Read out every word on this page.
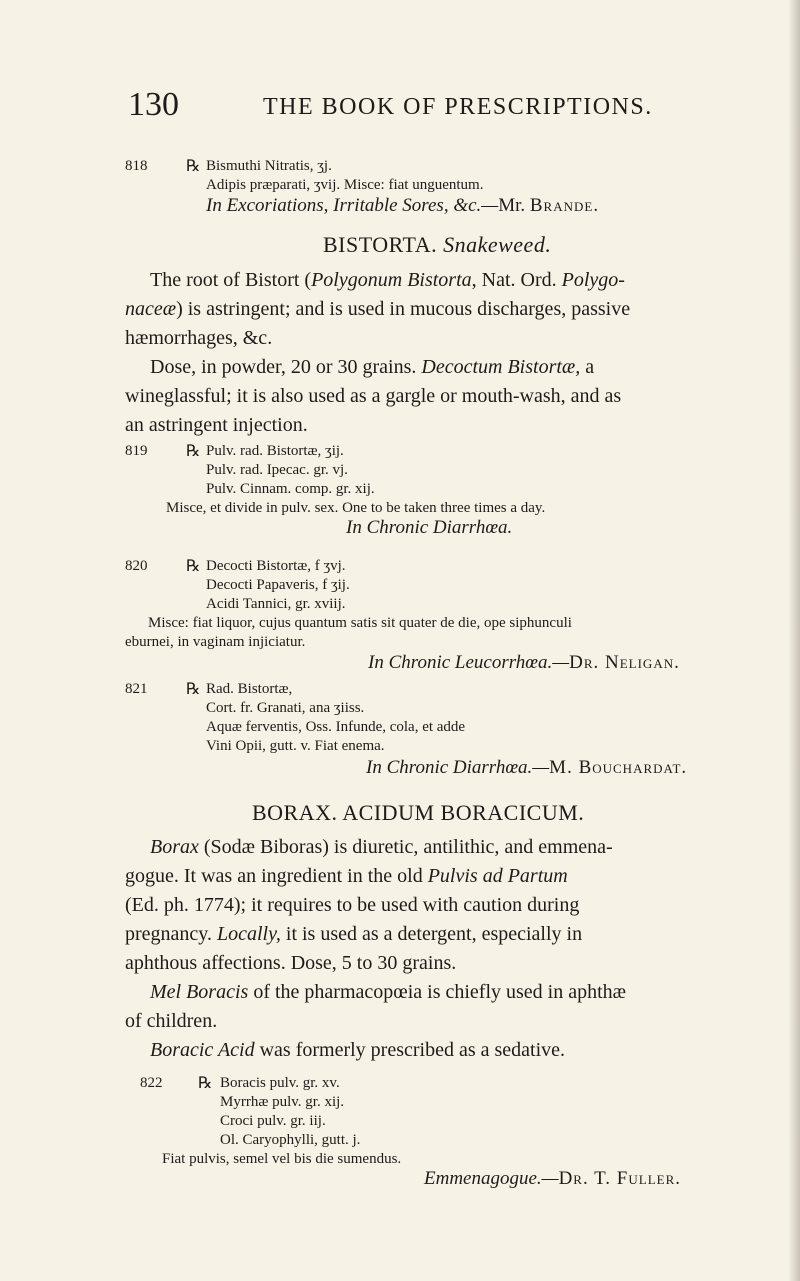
130	THE BOOK OF PRESCRIPTIONS.
818 ℞ Bismuthi Nitratis, ʒj.
Adipis præparati, ʒvij. Misce: fiat unguentum.
In Excoriations, Irritable Sores, &c.—Mr. Brande.
BISTORTA. Snakeweed.
The root of Bistort (Polygonum Bistorta, Nat. Ord. Polygo-
naceæ) is astringent; and is used in mucous discharges, passive
hæmorrhages, &c.
Dose, in powder, 20 or 30 grains. Decoctum Bistortæ, a
wineglassful; it is also used as a gargle or mouth-wash, and as
an astringent injection.
819 ℞ Pulv. rad. Bistortæ, ʒij.
Pulv. rad. Ipecac. gr. vj.
Pulv. Cinnam. comp. gr. xij.
Misce, et divide in pulv. sex. One to be taken three times a day.
In Chronic Diarrhœa.
820 ℞ Decocti Bistortæ, f ʒvj.
Decocti Papaveris, f ʒij.
Acidi Tannici, gr. xviij.
Misce: fiat liquor, cujus quantum satis sit quater de die, ope siphunculi
eburnei, in vaginam injiciatur.
In Chronic Leucorrhœa.—Dr. Neligan.
821 ℞ Rad. Bistortæ,
Cort. fr. Granati, ana ʒiiss.
Aquæ ferventis, Oss. Infunde, cola, et adde
Vini Opii, gutt. v. Fiat enema.
In Chronic Diarrhœa.—M. Bouchardat.
BORAX. ACIDUM BORACICUM.
Borax (Sodæ Biboras) is diuretic, antilithic, and emmena-
gogue. It was an ingredient in the old Pulvis ad Partum
(Ed. ph. 1774); it requires to be used with caution during
pregnancy. Locally, it is used as a detergent, especially in
aphthous affections. Dose, 5 to 30 grains.
Mel Boracis of the pharmacopœia is chiefly used in aphthæ
of children.
Boracic Acid was formerly prescribed as a sedative.
822 ℞ Boracis pulv. gr. xv.
Myrrhæ pulv. gr. xij.
Croci pulv. gr. iij.
Ol. Caryophylli, gutt. j.
Fiat pulvis, semel vel bis die sumendus.
Emmenagogue.—Dr. T. Fuller.
